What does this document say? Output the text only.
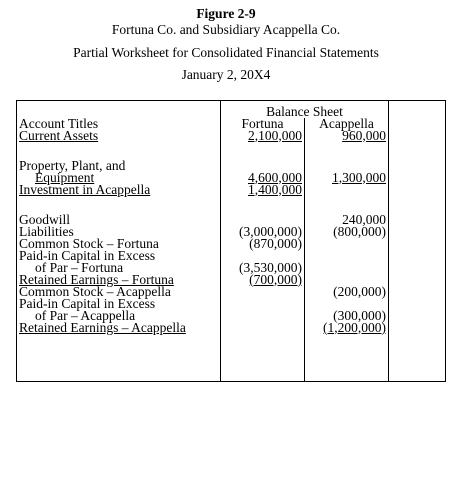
Figure 2-9
Fortuna Co. and Subsidiary Acappella Co.
Partial Worksheet for Consolidated Financial Statements
January 2, 20X4
	Balance Sheet		
Account Titles	Fortuna	Acappella	
Current Assets	2,100,000	960,000	

Property, Plant, and			
Equipment	4,600,000	1,300,000	
Investment in Acappella	1,400,000		

Goodwill		240,000	
Liabilities	(3,000,000)	(800,000)	
Common Stock – Fortuna	(870,000)		
Paid-in Capital in Excess			
of Par – Fortuna	(3,530,000)		
Retained Earnings – Fortuna	(700,000)		
Common Stock – Acappella		(200,000)	
Paid-in Capital in Excess			
of Par – Acappella		(300,000)	
Retained Earnings – Acappella		(1,200,000)	
